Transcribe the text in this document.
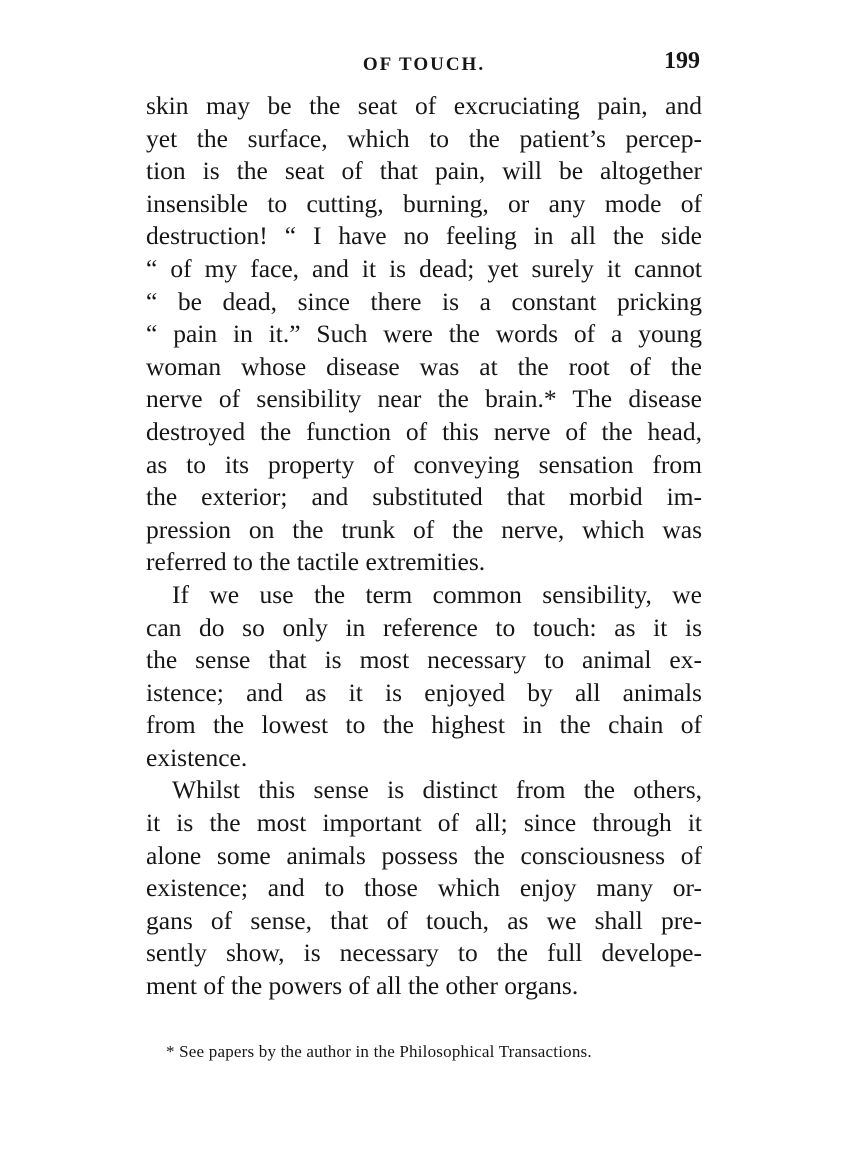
OF TOUCH.	199
skin may be the seat of excruciating pain, and
yet the surface, which to the patient’s percep-
tion is the seat of that pain, will be altogether
insensible to cutting, burning, or any mode of
destruction! “ I have no feeling in all the side
“ of my face, and it is dead; yet surely it cannot
“ be dead, since there is a constant pricking
“ pain in it.” Such were the words of a young
woman whose disease was at the root of the
nerve of sensibility near the brain.* The disease
destroyed the function of this nerve of the head,
as to its property of conveying sensation from
the exterior; and substituted that morbid im-
pression on the trunk of the nerve, which was
referred to the tactile extremities.
If we use the term common sensibility, we
can do so only in reference to touch: as it is
the sense that is most necessary to animal ex-
istence; and as it is enjoyed by all animals
from the lowest to the highest in the chain of
existence.
Whilst this sense is distinct from the others,
it is the most important of all; since through it
alone some animals possess the consciousness of
existence; and to those which enjoy many or-
gans of sense, that of touch, as we shall pre-
sently show, is necessary to the full develope-
ment of the powers of all the other organs.
* See papers by the author in the Philosophical Transactions.
